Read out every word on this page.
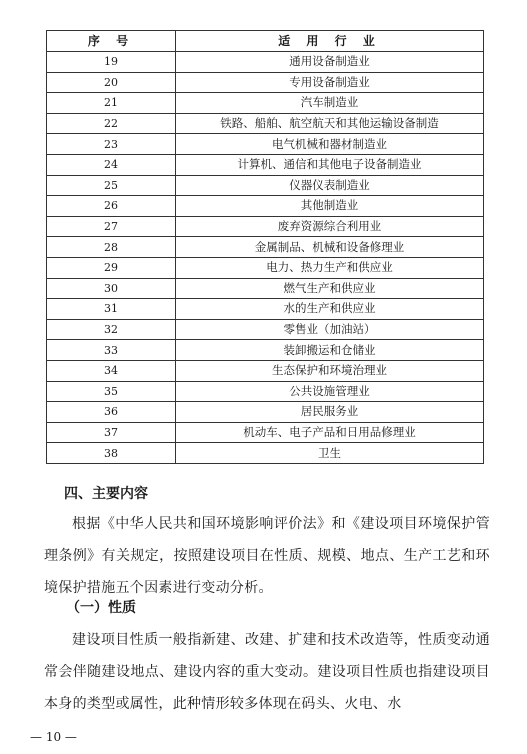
序 号	适 用 行 业
19	通用设备制造业
20	专用设备制造业
21	汽车制造业
22	铁路、船舶、航空航天和其他运输设备制造
23	电气机械和器材制造业
24	计算机、通信和其他电子设备制造业
25	仪器仪表制造业
26	其他制造业
27	废弃资源综合利用业
28	金属制品、机械和设备修理业
29	电力、热力生产和供应业
30	燃气生产和供应业
31	水的生产和供应业
32	零售业（加油站）
33	装卸搬运和仓储业
34	生态保护和环境治理业
35	公共设施管理业
36	居民服务业
37	机动车、电子产品和日用品修理业
38	卫生
四、主要内容

根据《中华人民共和国环境影响评价法》和《建设项目环境保护管理条例》有关规定，按照建设项目在性质、规模、地点、生产工艺和环境保护措施五个因素进行变动分析。

（一）性质

建设项目性质一般指新建、改建、扩建和技术改造等，性质变动通常会伴随建设地点、建设内容的重大变动。建设项目性质也指建设项目本身的类型或属性，此种情形较多体现在码头、火电、水

— 10 —
